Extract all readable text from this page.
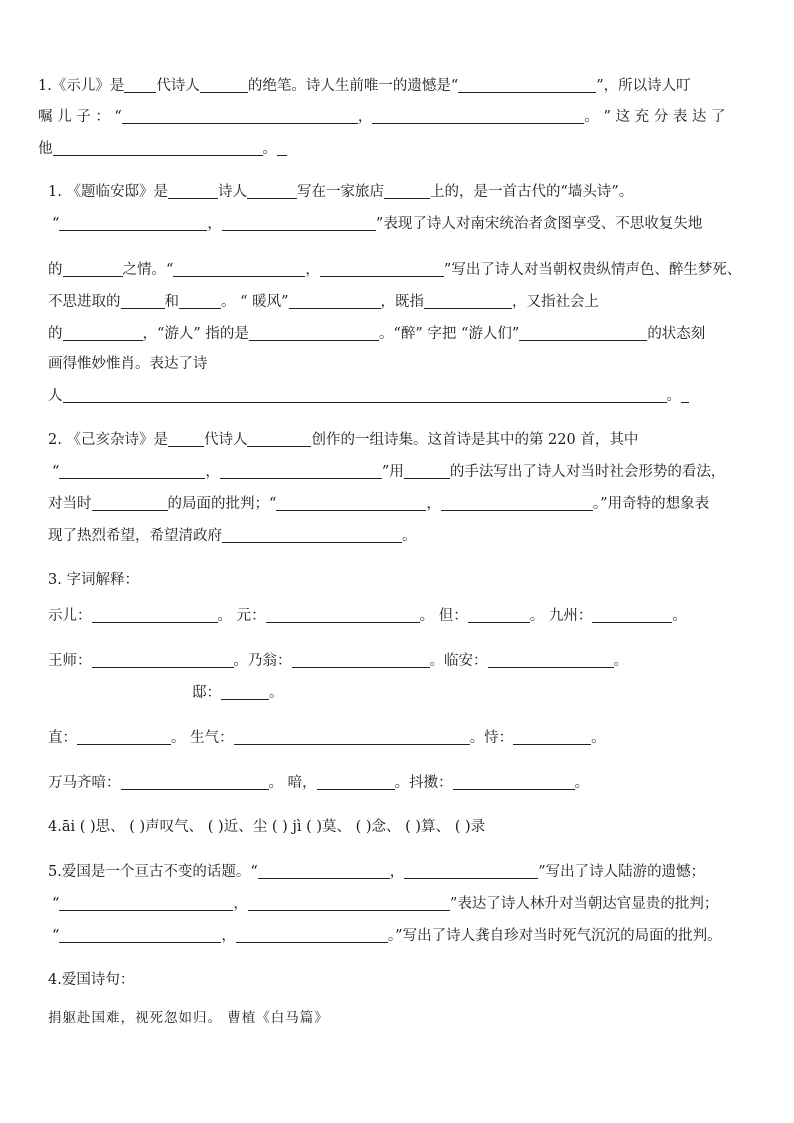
1.《示儿》是 代诗人	的绝笔。诗人生前唯一的遗憾是“	”，所以诗人叮
嘱 儿 子 ： “	，	。 ” 这 充 分 表 达 了
他	。
1. 《题临安邸》是	诗人	写在一家旅店	上的，是一首古代的“墙头诗”。
“	，	”表现了诗人对南宋统治者贪图享受、不思收复失地
的	之情。“	，	”写出了诗人对当朝权贵纵情声色、醉生梦死、
不思进取的	和	。 “ 暖风”	，既指	，又指社会上
的	，“游人” 指的是	。“醉” 字把 “游人们”	的状态刻
画得惟妙惟肖。表达了诗
人	。
2. 《己亥杂诗》是 代诗人	创作的一组诗集。这首诗是其中的第 220 首，其中
“	，	”用	的手法写出了诗人对当时社会形势的看法，
对当时	的局面的批判；“	，	。”用奇特的想象表
现了热烈希望，希望清政府	。
3. 字词解释：
示儿：	。 元：	。 但：	。 九州：	。
王师：	。乃翁：	。临安：	。
邸：	。
直：	。 生气：	。恃：	。
万马齐喑：	。 喑，	。抖擞：	。
4.āi ( )思、 ( )声叹气、 ( )近、尘 ( ) jì ( )莫、 ( )念、 ( )算、 ( )录
5.爱国是一个亘古不变的话题。“	，	”写出了诗人陆游的遗憾；
“	，	”表达了诗人林升对当朝达官显贵的批判；
“	，	。”写出了诗人龚自珍对当时死气沉沉的局面的批判。
4.爱国诗句：
捐躯赴国难，视死忽如归。 曹植《白马篇》
